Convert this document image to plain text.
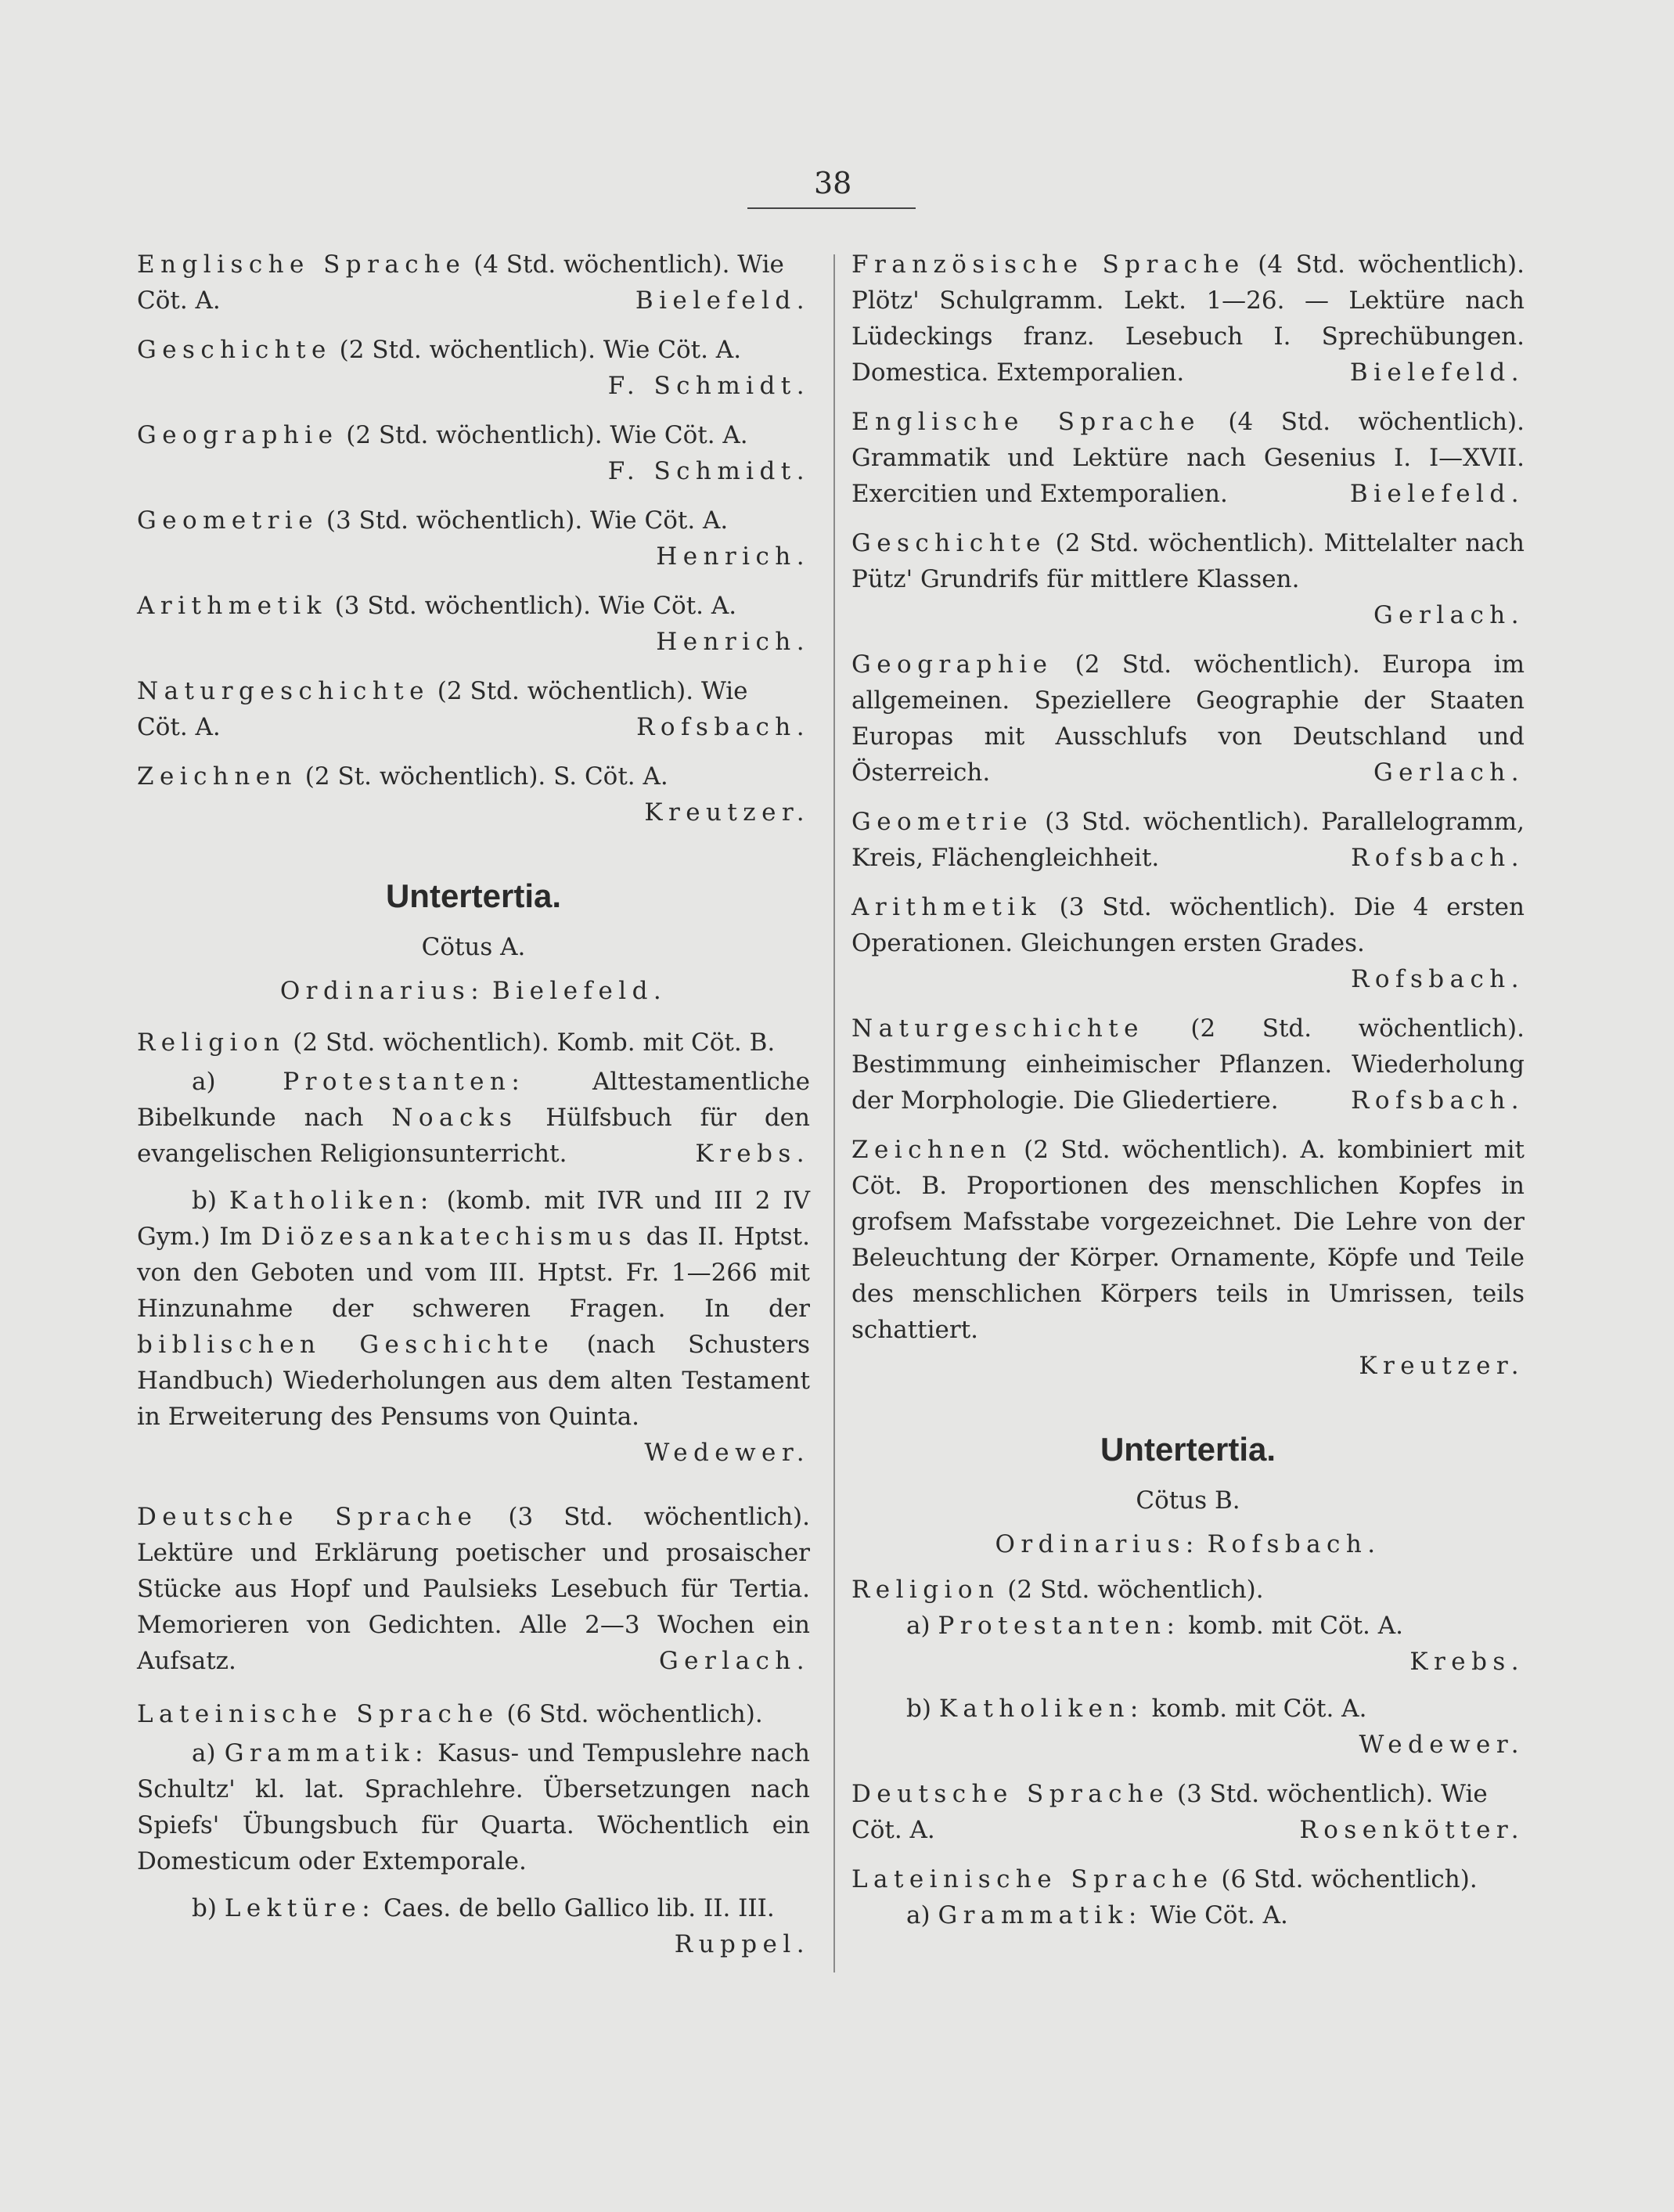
38

Englische Sprache (4 Std. wöchentlich). Wie

Cöt. A.	Bielefeld.

Geschichte (2 Std. wöchentlich). Wie Cöt. A.

F. Schmidt.

Geographie (2 Std. wöchentlich). Wie Cöt. A.

F. Schmidt.

Geometrie (3 Std. wöchentlich). Wie Cöt. A.

Henrich.

Arithmetik (3 Std. wöchentlich). Wie Cöt. A.

Henrich.

Naturgeschichte (2 Std. wöchentlich). Wie

Cöt. A.	Rofsbach.

Zeichnen (2 St. wöchentlich). S. Cöt. A.

Kreutzer.

Untertertia.

Cötus A.

Ordinarius: Bielefeld.

Religion (2 Std. wöchentlich). Komb. mit Cöt. B.

a)	Protestanten:	Alttestamentliche Bibelkunde nach Noacks Hülfsbuch für den evangelischen Religionsunterricht.	Krebs.

b) Katholiken: (komb. mit IVR und III 2 IV Gym.) Im Diözesankatechismus das II. Hptst. von den Geboten und vom III. Hptst. Fr. 1—266 mit Hinzunahme der schweren Fragen. In der biblischen Geschichte (nach Schusters Handbuch) Wiederholungen aus dem alten Testament in Erweiterung des Pensums von Quinta.

Wedewer.

Deutsche Sprache (3 Std. wöchentlich). Lektüre und Erklärung poetischer und prosaischer Stücke aus Hopf und Paulsieks Lesebuch für Tertia. Memorieren von Gedichten. Alle 2—3 Wochen ein Aufsatz.	Gerlach.

Lateinische Sprache (6 Std. wöchentlich).

a) Grammatik: Kasus- und Tempuslehre nach Schultz' kl. lat. Sprachlehre. Übersetzungen nach Spiefs' Übungsbuch für Quarta. Wöchentlich ein Domesticum oder Extemporale.

b) Lektüre: Caes. de bello Gallico lib. II. III.

Ruppel.

Französische Sprache (4 Std. wöchentlich). Plötz' Schulgramm. Lekt. 1—26. — Lektüre nach Lüdeckings franz. Lesebuch I. Sprechübungen. Domestica. Extemporalien.	Bielefeld.

Englische Sprache (4 Std. wöchentlich). Grammatik und Lektüre nach Gesenius I. I—XVII. Exercitien und Extemporalien.	Bielefeld.

Geschichte (2 Std. wöchentlich). Mittelalter nach Pütz' Grundrifs für mittlere Klassen.

Gerlach.

Geographie (2 Std. wöchentlich). Europa im allgemeinen. Speziellere Geographie der Staaten Europas mit Ausschlufs von Deutschland und Österreich.	Gerlach.

Geometrie (3 Std. wöchentlich). Parallelogramm, Kreis, Flächengleichheit.	Rofsbach.

Arithmetik (3 Std. wöchentlich). Die 4 ersten Operationen. Gleichungen ersten Grades.

Rofsbach.

Naturgeschichte (2 Std. wöchentlich). Bestimmung einheimischer Pflanzen. Wiederholung der Morphologie. Die Gliedertiere.	Rofsbach.

Zeichnen (2 Std. wöchentlich). A. kombiniert mit Cöt. B. Proportionen des menschlichen Kopfes in grofsem Mafsstabe vorgezeichnet. Die Lehre von der Beleuchtung der Körper. Ornamente, Köpfe und Teile des menschlichen Körpers teils in Umrissen, teils schattiert.

Kreutzer.

Untertertia.

Cötus B.

Ordinarius: Rofsbach.

Religion (2 Std. wöchentlich).

a) Protestanten: komb. mit Cöt. A.

Krebs.

b) Katholiken: komb. mit Cöt. A.

Wedewer.

Deutsche Sprache (3 Std. wöchentlich). Wie

Cöt. A.	Rosenkötter.

Lateinische Sprache (6 Std. wöchentlich).

a) Grammatik: Wie Cöt. A.
